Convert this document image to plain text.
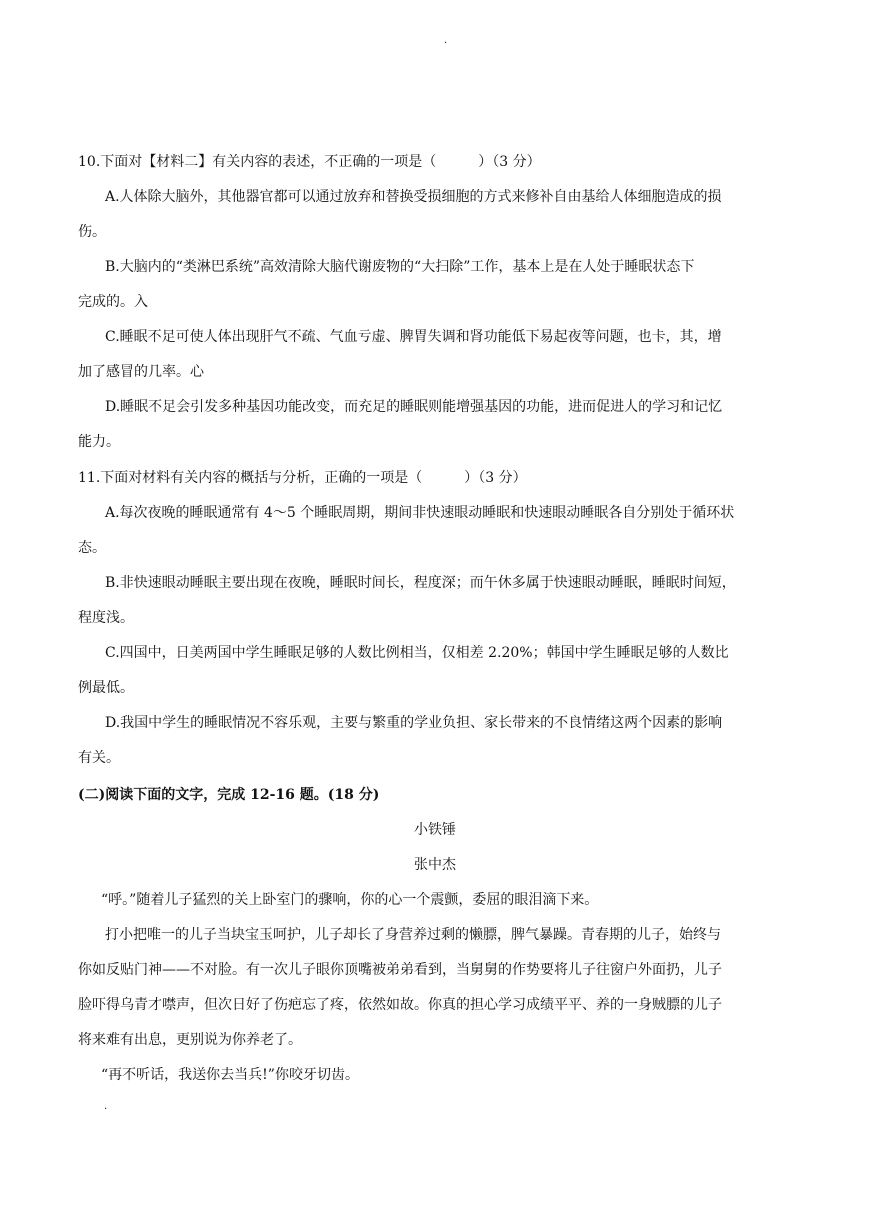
.
10.下面对【材料二】有关内容的表述，不正确的一项是（　　　）（3 分）
A.人体除大脑外，其他器官都可以通过放弃和替换受损细胞的方式来修补自由基给人体细胞造成的损
伤。
B.大脑内的“类淋巴系统”高效清除大脑代谢废物的“大扫除”工作，基本上是在人处于睡眠状态下
完成的。入
C.睡眠不足可使人体出现肝气不疏、气血亏虚、脾胃失调和肾功能低下易起夜等问题，也卡，其，增
加了感冒的几率。心
D.睡眠不足会引发多种基因功能改变，而充足的睡眠则能增强基因的功能，进而促进人的学习和记忆
能力。
11.下面对材料有关内容的概括与分析，正确的一项是（　　　）（3 分）
A.每次夜晚的睡眠通常有 4～5 个睡眠周期，期间非快速眼动睡眠和快速眼动睡眠各自分别处于循环状
态。
B.非快速眼动睡眠主要出现在夜晚，睡眠时间长，程度深；而午休多属于快速眼动睡眠，睡眠时间短，
程度浅。
C.四国中，日美两国中学生睡眠足够的人数比例相当，仅相差 2.20%；韩国中学生睡眠足够的人数比
例最低。
D.我国中学生的睡眠情况不容乐观，主要与繁重的学业负担、家长带来的不良情绪这两个因素的影响
有关。
(二)阅读下面的文字，完成 12-16 题。(18 分)
小铁锤
张中杰
“呼。”随着儿子猛烈的关上卧室门的骤响，你的心一个震颤，委屈的眼泪滴下来。
打小把唯一的儿子当块宝玉呵护，儿子却长了身营养过剩的懒膘，脾气暴躁。青春期的儿子，始终与
你如反贴门神——不对脸。有一次儿子眼你顶嘴被弟弟看到，当舅舅的作势要将儿子往窗户外面扔，儿子
脸吓得乌青才噤声，但次日好了伤疤忘了疼，依然如故。你真的担心学习成绩平平、养的一身贼膘的儿子
将来难有出息，更别说为你养老了。
“再不听话，我送你去当兵!”你咬牙切齿。
.
